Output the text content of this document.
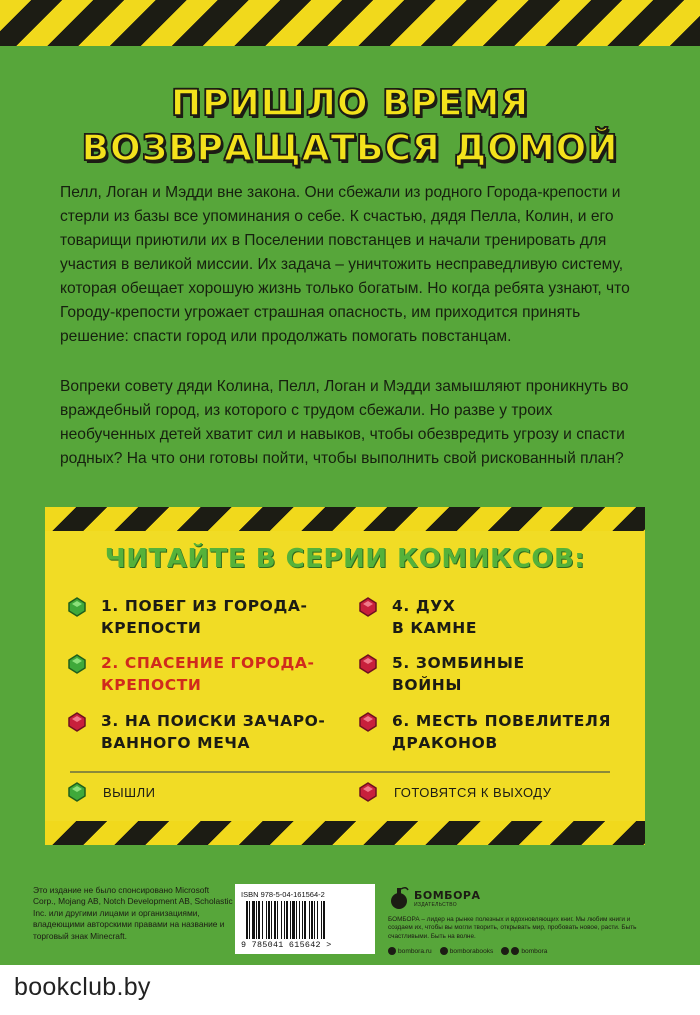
ПРИШЛО ВРЕМЯ
ВОЗВРАЩАТЬСЯ ДОМОЙ
Пелл, Логан и Мэдди вне закона. Они сбежали из родного Города-крепости и стерли из базы все упоминания о себе. К счастью, дядя Пелла, Колин, и его товарищи приютили их в Поселении повстанцев и начали тренировать для участия в великой миссии. Их задача – уничтожить несправедливую систему, которая обещает хорошую жизнь только богатым. Но когда ребята узнают, что Городу-крепости угрожает страшная опасность, им приходится принять решение: спасти город или продолжать помогать повстанцам.
Вопреки совету дяди Колина, Пелл, Логан и Мэдди замышляют проникнуть во враждебный город, из которого с трудом сбежали. Но разве у троих необученных детей хватит сил и навыков, чтобы обезвредить угрозу и спасти родных? На что они готовы пойти, чтобы выполнить свой рискованный план?
ЧИТАЙТЕ В СЕРИИ КОМИКСОВ:
1. ПОБЕГ ИЗ ГОРОДА-
КРЕПОСТИ
2. СПАСЕНИЕ ГОРОДА-
КРЕПОСТИ
3. НА ПОИСКИ ЗАЧАРО-
ВАННОГО МЕЧА
4. ДУХ
В КАМНЕ
5. ЗОМБИНЫЕ
ВОЙНЫ
6. МЕСТЬ ПОВЕЛИТЕЛЯ
ДРАКОНОВ
ВЫШЛИ	ГОТОВЯТСЯ К ВЫХОДУ
Это издание не было спонсировано Microsoft Corp., Mojang AB, Notch Development AB, Scholastic Inc. или другими лицами и организациями, владеющими авторскими правами на название и торговый знак Minecraft.
ISBN 978-5-04-161564-2
9 785041 615642 >
БОМБОРА
ИЗДАТЕЛЬСТВО
БОМБОРА – лидер на рынке полезных и вдохновляющих книг. Мы любим книги и создаем их, чтобы вы могли творить, открывать мир, пробовать новое, расти. Быть счастливыми. Быть на волне.
bombora.ru	bomborabooks	bombora
bookclub.by
